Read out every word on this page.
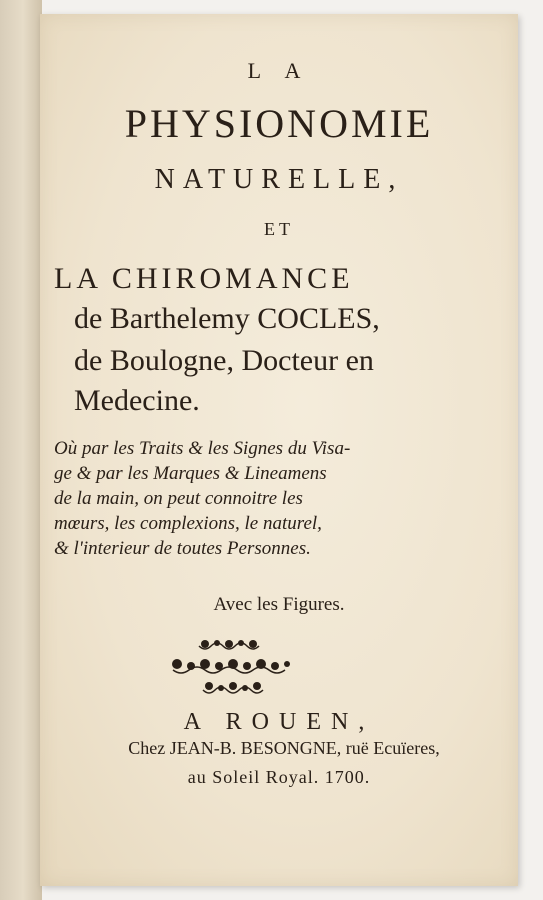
L A
PHYSIONOMIE
NATURELLE,
ET
LA CHIROMANCE
de Barthelemy COCLES,
de Boulogne, Docteur en
Medecine.
Où par les Traits & les Signes du Visa-
ge & par les Marques & Lineamens
de la main, on peut connoitre les
mœurs, les complexions, le naturel,
& l'interieur de toutes Personnes.
Avec les Figures.
A ROUEN,
Chez JEAN-B. BESONGNE, ruë Ecuïeres,
au Soleil Royal. 1700.
